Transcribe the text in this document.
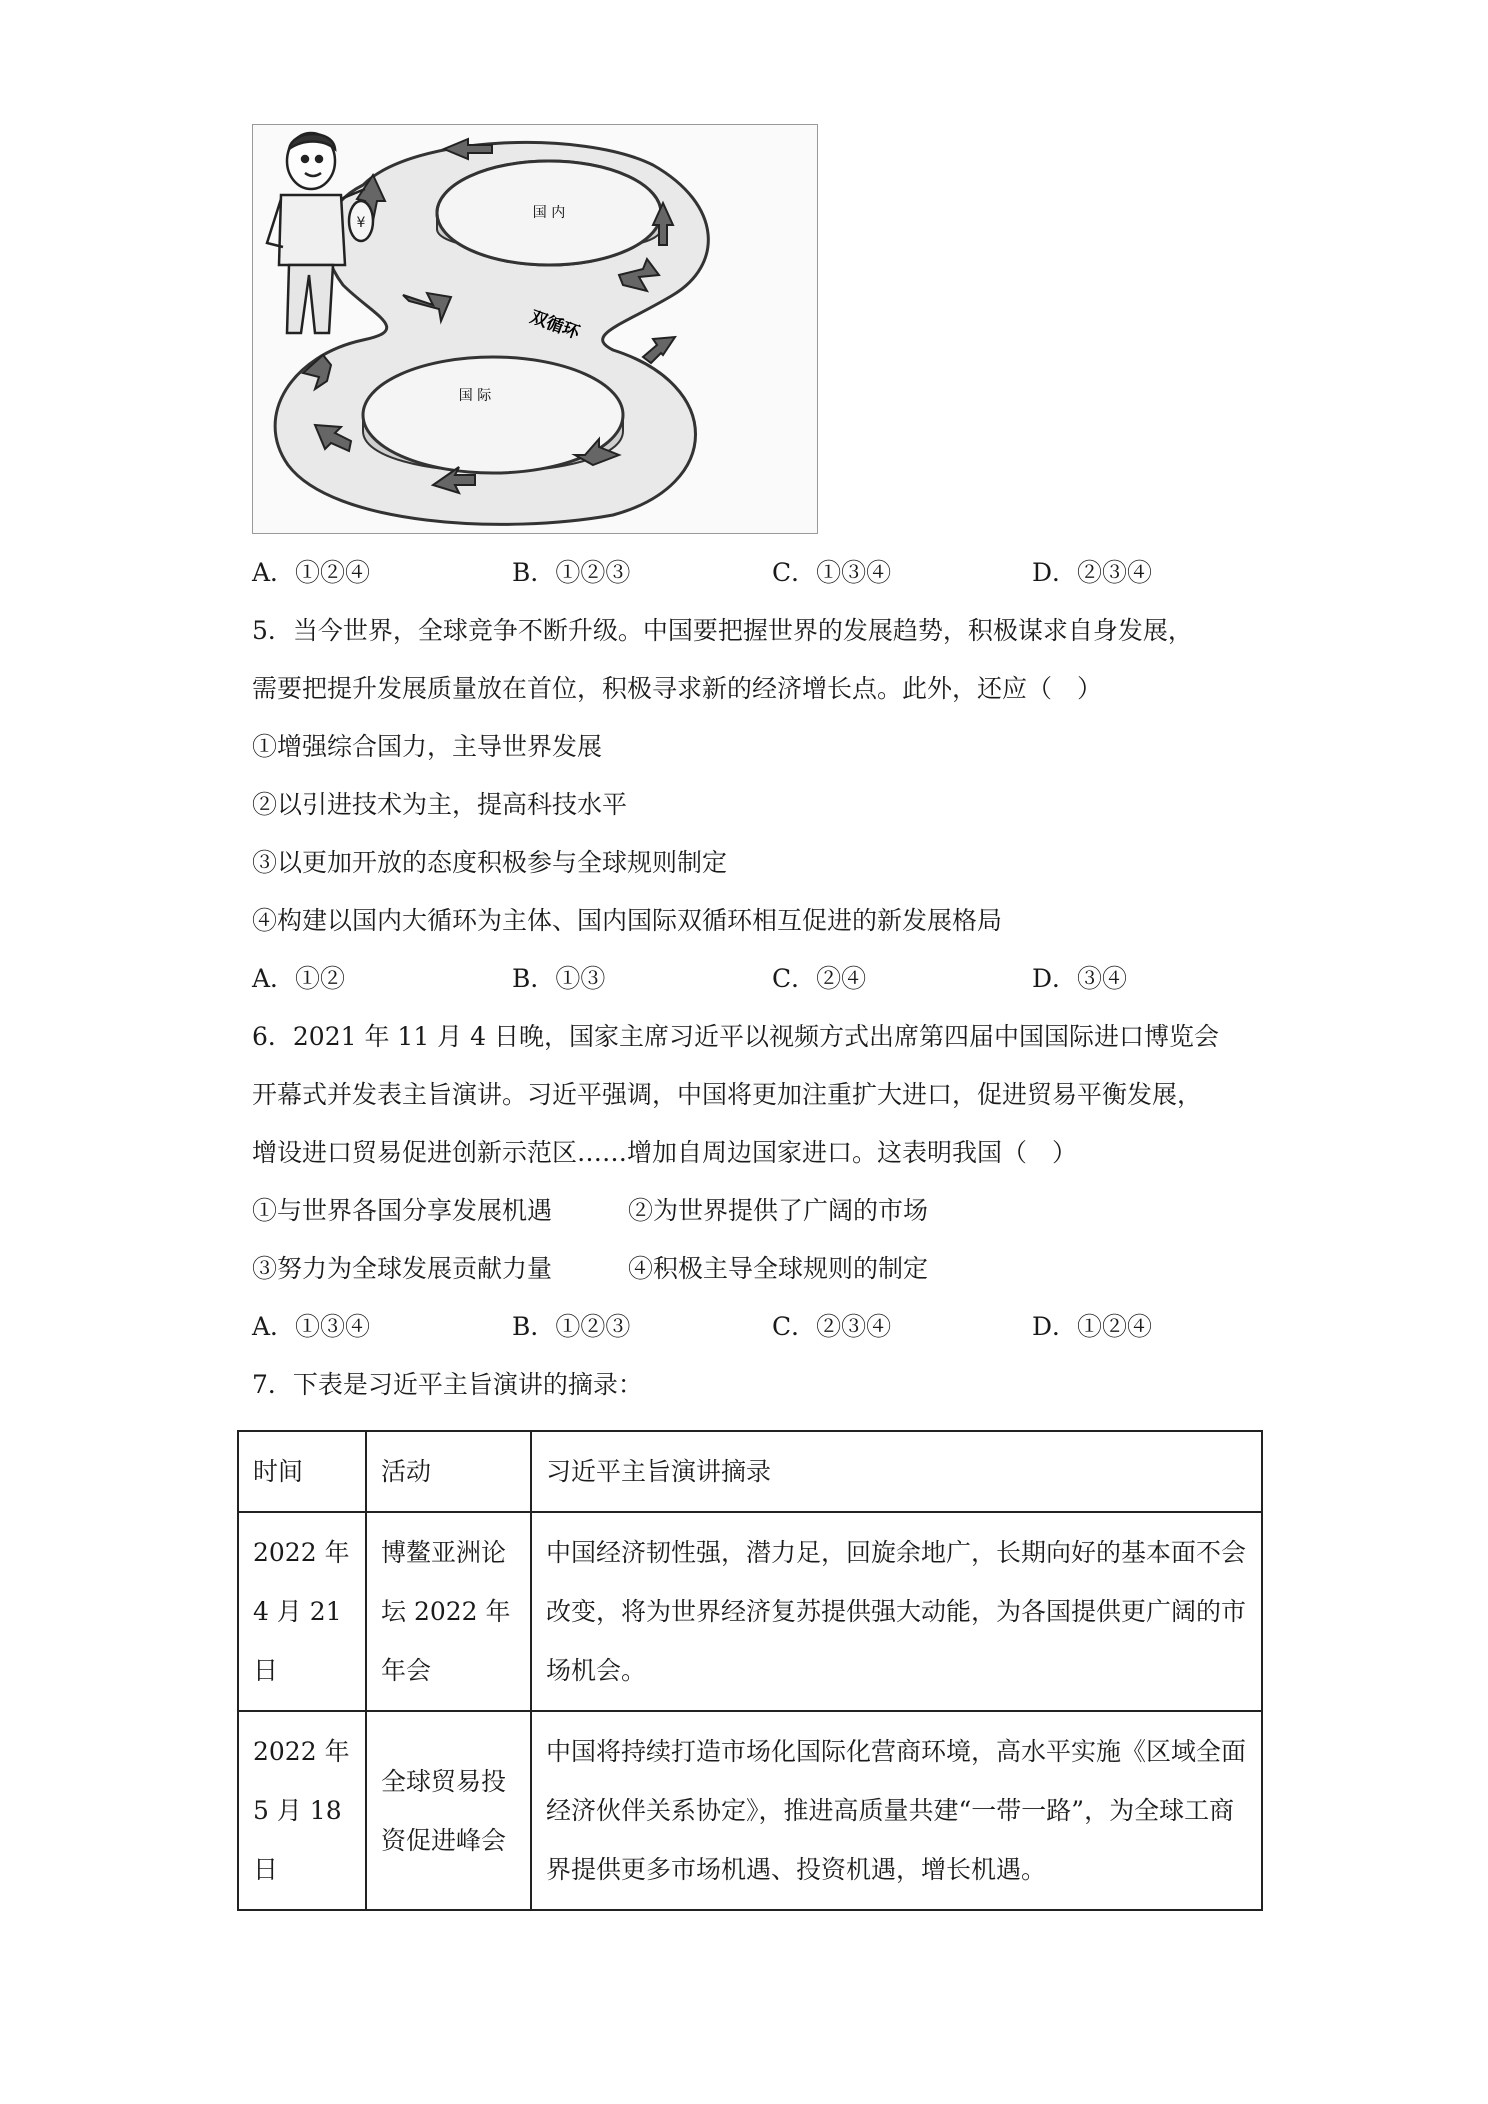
国 内
国 际
双循环
¥
A．①②④	B．①②③	C．①③④	D．②③④
5．当今世界，全球竞争不断升级。中国要把握世界的发展趋势，积极谋求自身发展，
需要把提升发展质量放在首位，积极寻求新的经济增长点。此外，还应（　）
①增强综合国力，主导世界发展
②以引进技术为主，提高科技水平
③以更加开放的态度积极参与全球规则制定
④构建以国内大循环为主体、国内国际双循环相互促进的新发展格局
A．①②	B．①③	C．②④	D．③④
6．2021 年 11 月 4 日晚，国家主席习近平以视频方式出席第四届中国国际进口博览会
开幕式并发表主旨演讲。习近平强调，中国将更加注重扩大进口，促进贸易平衡发展，
增设进口贸易促进创新示范区……增加自周边国家进口。这表明我国（　）
①与世界各国分享发展机遇	②为世界提供了广阔的市场
③努力为全球发展贡献力量	④积极主导全球规则的制定
A．①③④	B．①②③	C．②③④	D．①②④
7．下表是习近平主旨演讲的摘录：
时间	活动	习近平主旨演讲摘录
2022 年 4 月 21 日	博鳌亚洲论坛 2022 年年会	中国经济韧性强，潜力足，回旋余地广，长期向好的基本面不会改变，将为世界经济复苏提供强大动能，为各国提供更广阔的市场机会。
2022 年 5 月 18 日	全球贸易投资促进峰会	中国将持续打造市场化国际化营商环境，高水平实施《区域全面经济伙伴关系协定》，推进高质量共建“一带一路”，为全球工商界提供更多市场机遇、投资机遇，增长机遇。
